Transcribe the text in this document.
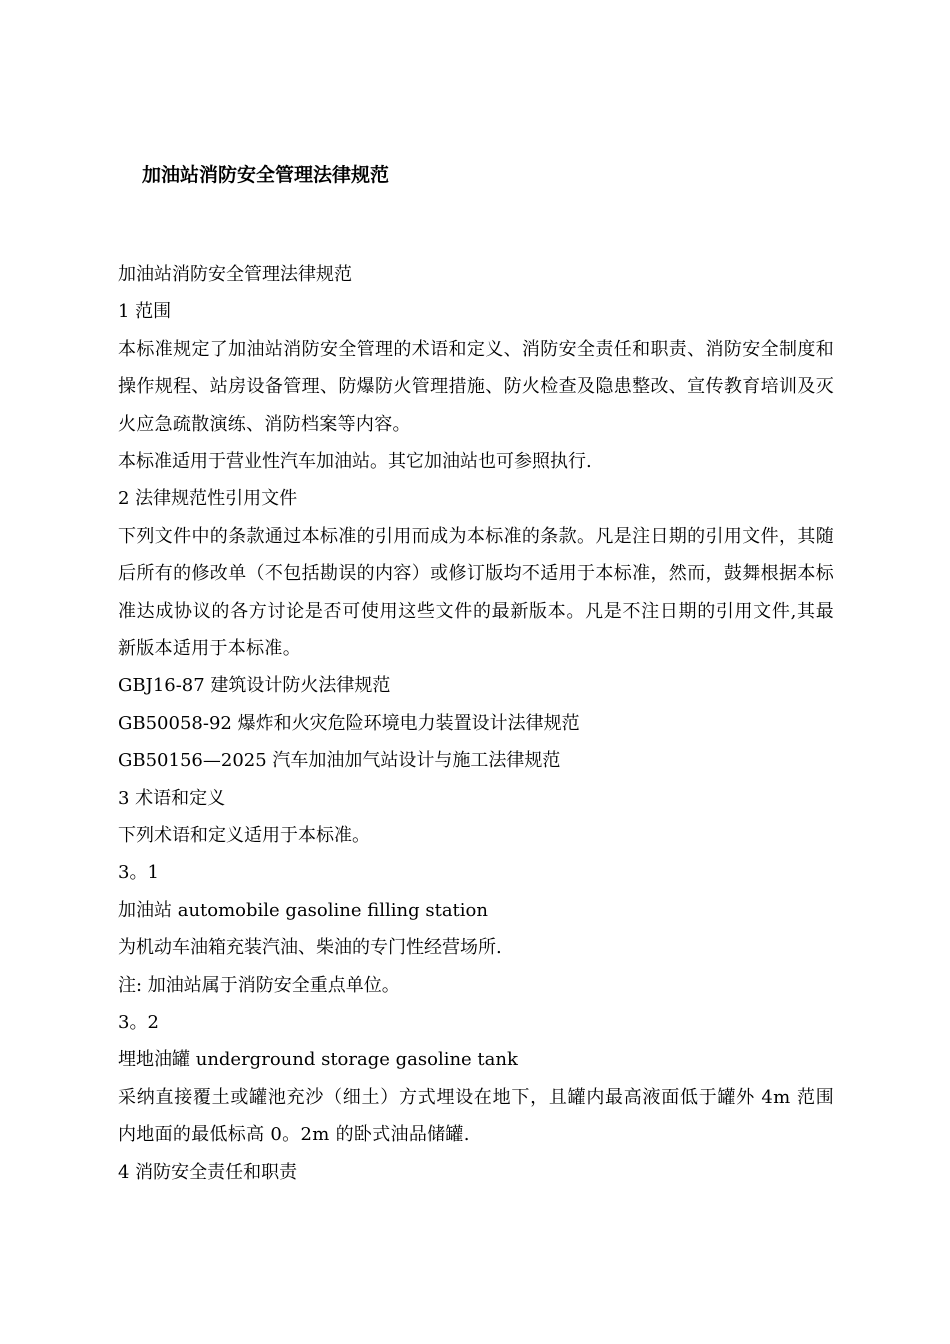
加油站消防安全管理法律规范
加油站消防安全管理法律规范
1 范围
本标准规定了加油站消防安全管理的术语和定义、消防安全责任和职责、消防安全制度和操作规程、站房设备管理、防爆防火管理措施、防火检查及隐患整改、宣传教育培训及灭火应急疏散演练、消防档案等内容。
本标准适用于营业性汽车加油站。其它加油站也可参照执行.
2 法律规范性引用文件
下列文件中的条款通过本标准的引用而成为本标准的条款。凡是注日期的引用文件，其随后所有的修改单（不包括勘误的内容）或修订版均不适用于本标准，然而，鼓舞根据本标准达成协议的各方讨论是否可使用这些文件的最新版本。凡是不注日期的引用文件,其最新版本适用于本标准。
GBJ16-87 建筑设计防火法律规范
GB50058-92 爆炸和火灾危险环境电力装置设计法律规范
GB50156—2025 汽车加油加气站设计与施工法律规范
3 术语和定义
下列术语和定义适用于本标准。
3。1
加油站 automobile gasoline filling station
为机动车油箱充装汽油、柴油的专门性经营场所.
注: 加油站属于消防安全重点单位。
3。2
埋地油罐 underground storage gasoline tank
采纳直接覆土或罐池充沙（细土）方式埋设在地下，且罐内最高液面低于罐外 4m 范围内地面的最低标高 0。2m 的卧式油品储罐.
4 消防安全责任和职责
